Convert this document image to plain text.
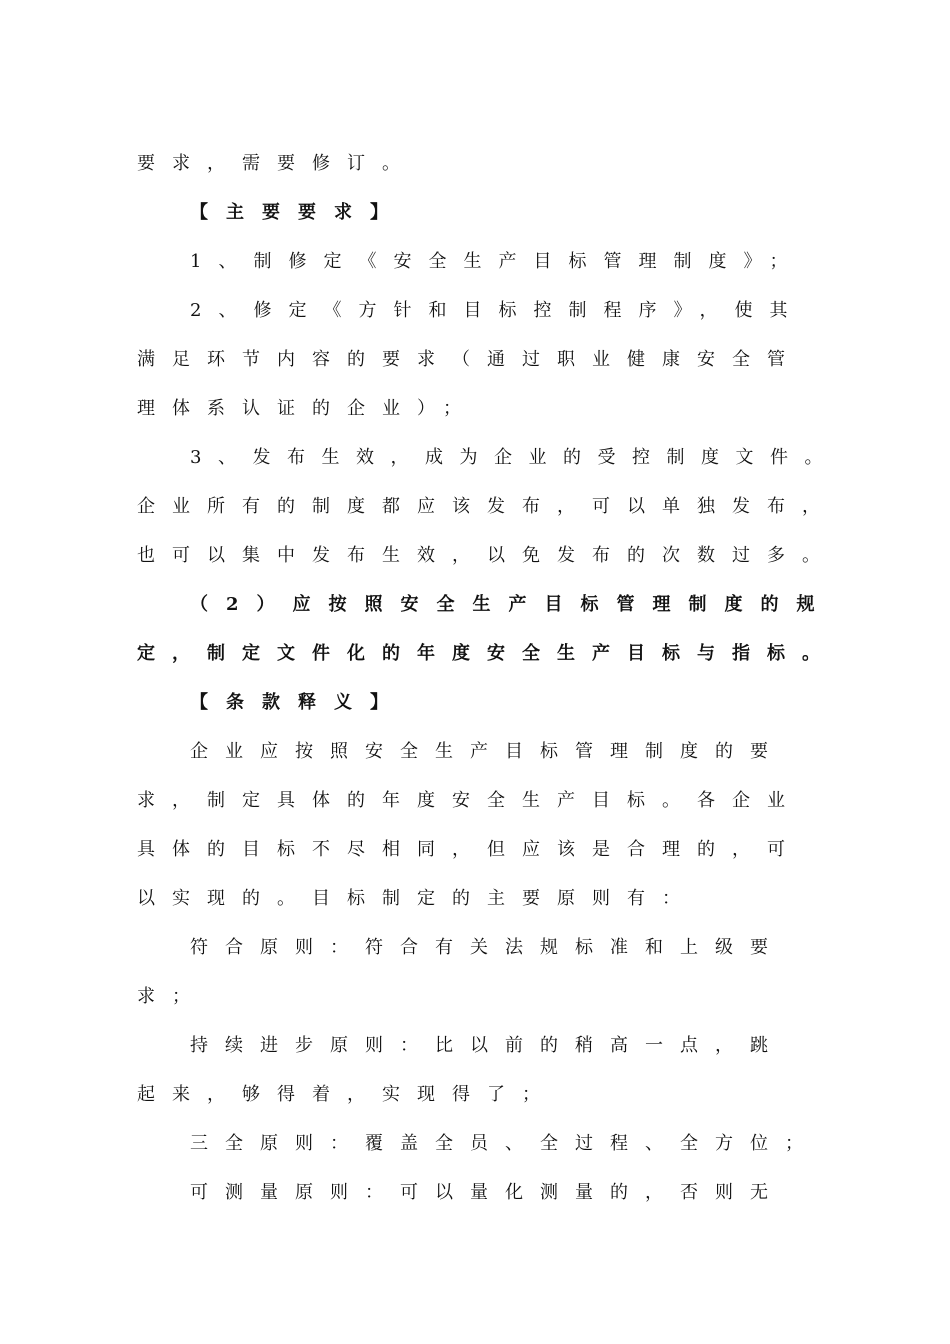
要求，需要修订。
【主要要求】
1、制修定《安全生产目标管理制度》；
2、修定《方针和目标控制程序》，使其
满足环节内容的要求（通过职业健康安全管
理体系认证的企业）；
3、发布生效，成为企业的受控制度文件。
企业所有的制度都应该发布，可以单独发布，
也可以集中发布生效，以免发布的次数过多。
（2）应按照安全生产目标管理制度的规
定，制定文件化的年度安全生产目标与指标。
【条款释义】
企业应按照安全生产目标管理制度的要
求，制定具体的年度安全生产目标。各企业
具体的目标不尽相同，但应该是合理的，可
以实现的。目标制定的主要原则有：
符合原则：符合有关法规标准和上级要
求；
持续进步原则：比以前的稍高一点，跳
起来，够得着，实现得了；
三全原则：覆盖全员、全过程、全方位；
可测量原则：可以量化测量的，否则无
